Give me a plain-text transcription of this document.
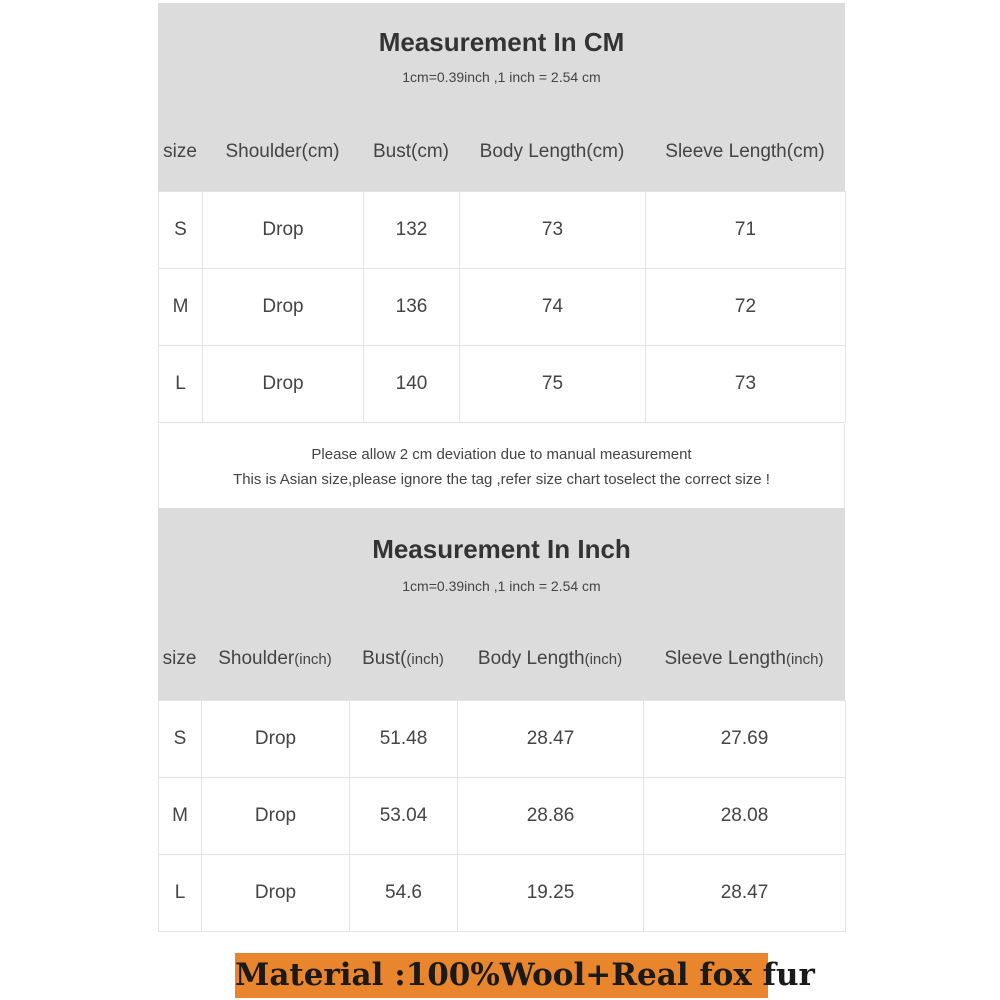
Measurement In CM
1cm=0.39inch ,1 inch = 2.54 cm
size	Shoulder(cm)	Bust(cm)	Body Length(cm)	Sleeve Length(cm)
S	Drop	132	73	71
M	Drop	136	74	72
L	Drop	140	75	73
Please allow 2 cm deviation due to manual measurement
This is Asian size,please ignore the tag ,refer size chart toselect the correct size !
Measurement In Inch
1cm=0.39inch ,1 inch = 2.54 cm
size	Shoulder(inch)	Bust((inch)	Body Length(inch)	Sleeve Length(inch)
S	Drop	51.48	28.47	27.69
M	Drop	53.04	28.86	28.08
L	Drop	54.6	19.25	28.47
Material :100%Wool+Real fox fur
